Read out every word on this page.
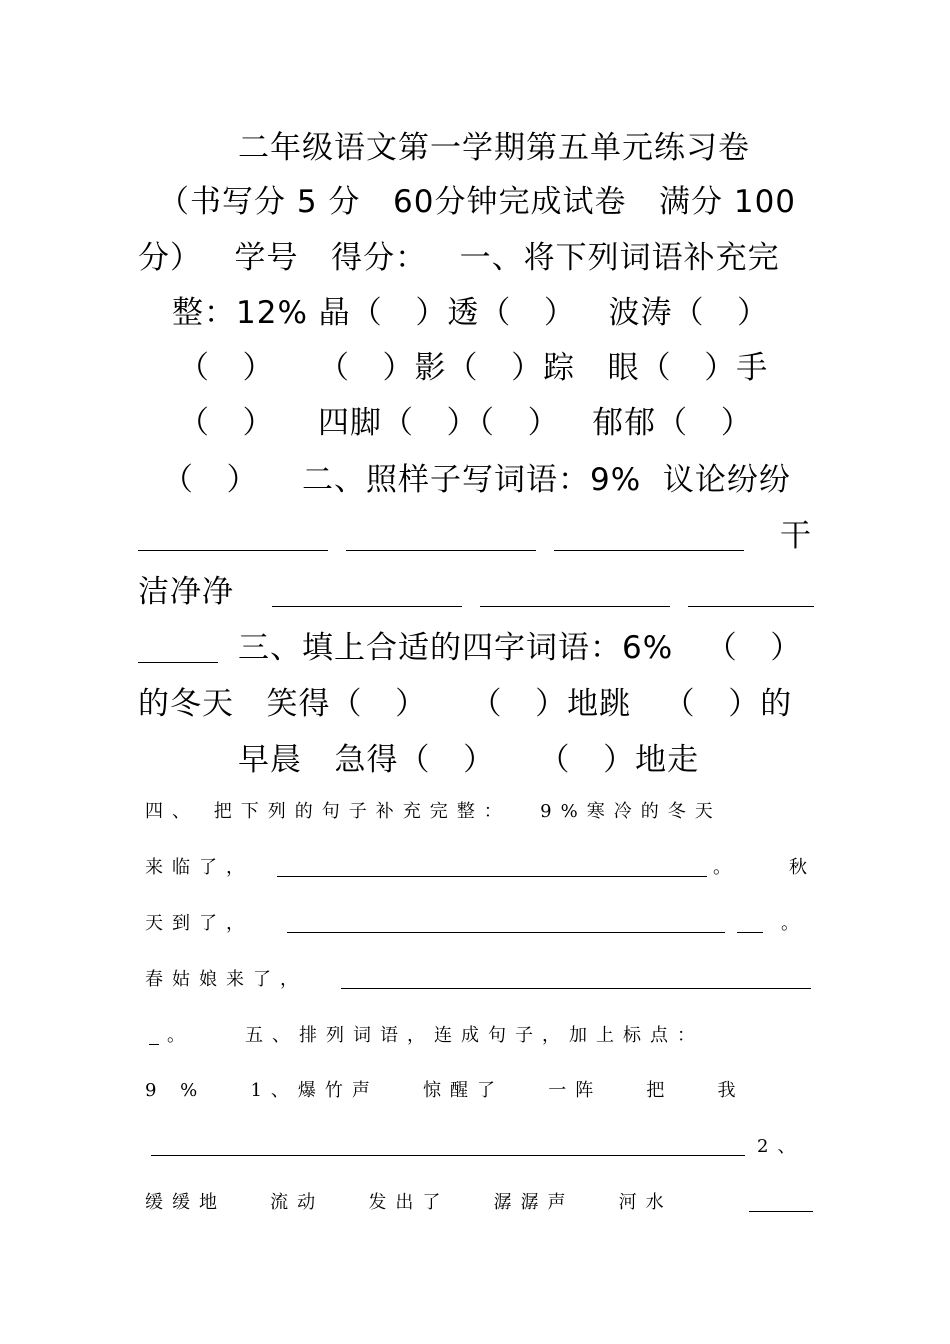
二年级语文第一学期第五单元练习卷
（书写分 5 分   60分钟完成试卷   满分 100
分）   学号   得分：   一、将下列词语补充完
整：12% 晶（   ）透（   ）   波涛（   ）
（   ）    （   ）影（   ）踪   眼（   ）手
（   ）    四脚（   ）（   ）   郁郁（   ）
（   ）    二、照样子写词语：9%  议论纷纷
干
洁净净
三、填上合适的四字词语：6%   （   ）
的冬天   笑得（   ）    （   ）地跳   （   ）的
早晨   急得（   ）    （   ）地走
四、 把下列的句子补充完整：  9%寒冷的冬天
来临了，	。	秋
天到了，	。
春姑娘来了，
。	五、排列词语，连成句子，加上标点：
9 %   1、爆竹声   惊醒了   一阵   把   我
2、
缓缓地   流动   发出了   潺潺声   河水
